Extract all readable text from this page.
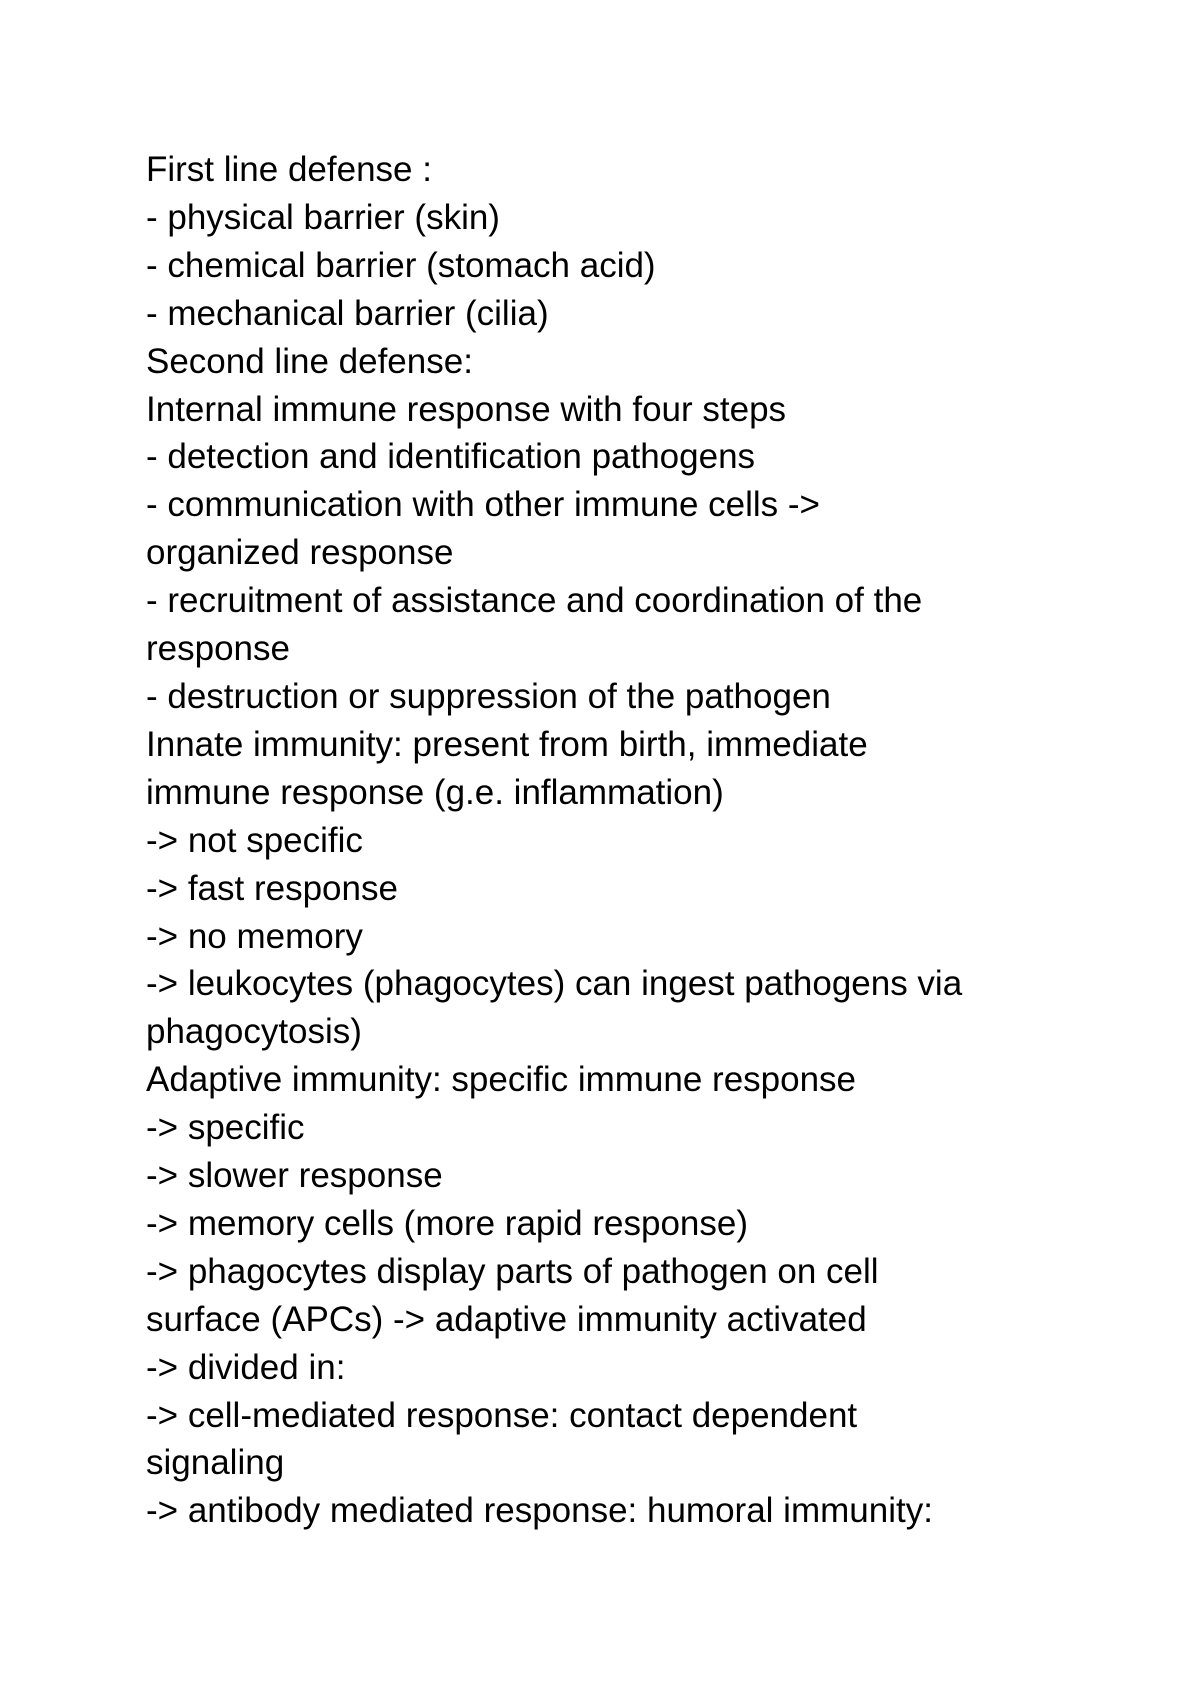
First line defense :

- physical barrier (skin)

- chemical barrier (stomach acid)

- mechanical barrier (cilia)

Second line defense:

Internal immune response with four steps

- detection and identification pathogens

- communication with other immune cells ->

organized response

- recruitment of assistance and coordination of the

response

- destruction or suppression of the pathogen

Innate immunity: present from birth, immediate

immune response (g.e. inflammation)

-> not specific

-> fast response

-> no memory

-> leukocytes (phagocytes) can ingest pathogens via

phagocytosis)

Adaptive immunity: specific immune response

-> specific

-> slower response

-> memory cells (more rapid response)

-> phagocytes display parts of pathogen on cell

surface (APCs) -> adaptive immunity activated

-> divided in:

-> cell-mediated response: contact dependent

signaling

-> antibody mediated response: humoral immunity:
